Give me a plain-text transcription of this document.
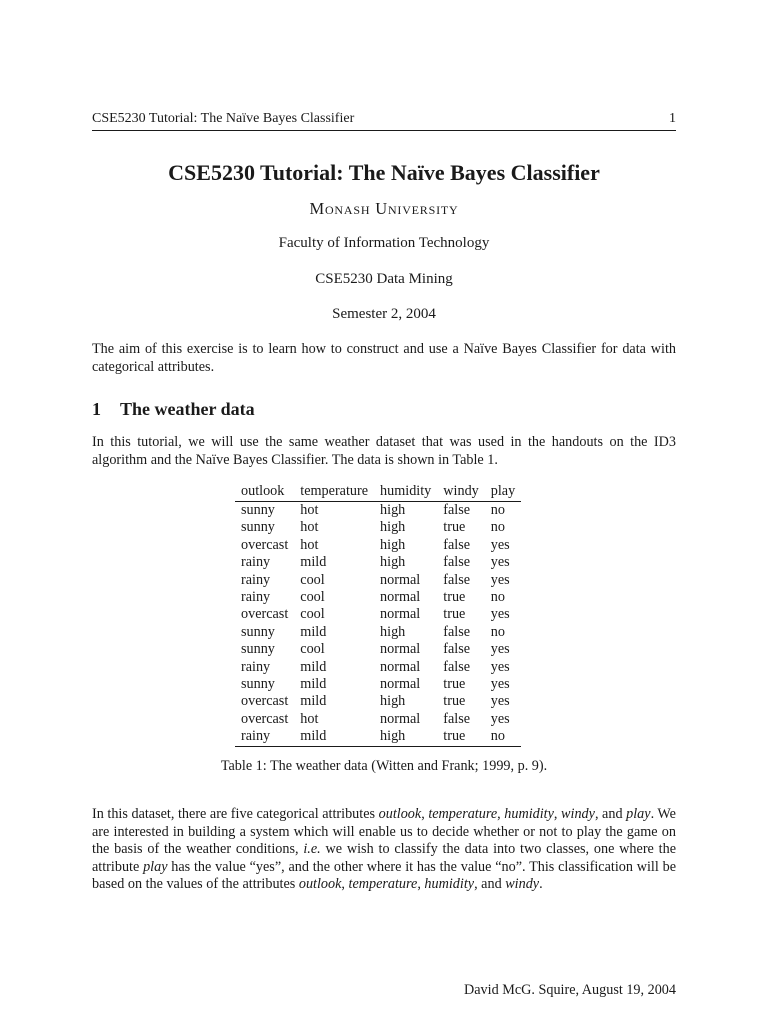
CSE5230 Tutorial: The Naïve Bayes Classifier	1
CSE5230 Tutorial: The Naïve Bayes Classifier
Monash University
Faculty of Information Technology
CSE5230 Data Mining
Semester 2, 2004
The aim of this exercise is to learn how to construct and use a Naïve Bayes Classifier for data with categorical attributes.
1 The weather data
In this tutorial, we will use the same weather dataset that was used in the handouts on the ID3 algorithm and the Naïve Bayes Classifier. The data is shown in Table 1.
outlook	temperature	humidity	windy	play
sunny	hot	high	false	no
sunny	hot	high	true	no
overcast	hot	high	false	yes
rainy	mild	high	false	yes
rainy	cool	normal	false	yes
rainy	cool	normal	true	no
overcast	cool	normal	true	yes
sunny	mild	high	false	no
sunny	cool	normal	false	yes
rainy	mild	normal	false	yes
sunny	mild	normal	true	yes
overcast	mild	high	true	yes
overcast	hot	normal	false	yes
rainy	mild	high	true	no
Table 1: The weather data (Witten and Frank; 1999, p. 9).
In this dataset, there are five categorical attributes outlook, temperature, humidity, windy, and play. We are interested in building a system which will enable us to decide whether or not to play the game on the basis of the weather conditions, i.e. we wish to classify the data into two classes, one where the attribute play has the value “yes”, and the other where it has the value “no”. This classification will be based on the values of the attributes outlook, temperature, humidity, and windy.
David McG. Squire, August 19, 2004
